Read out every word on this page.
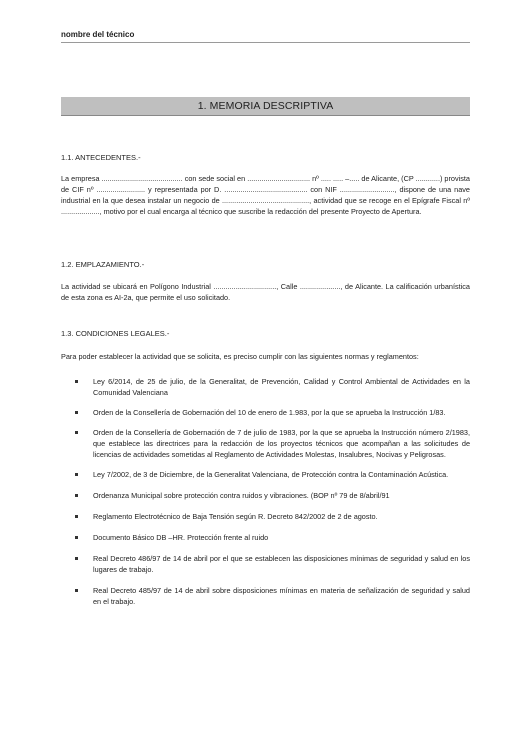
nombre del técnico
1. MEMORIA DESCRIPTIVA
1.1. ANTECEDENTES.-
La empresa ........................................ con sede social en ............................... nº ..... ..... –..... de Alicante, (CP ............) provista de CIF nº ........................ y representada por D. ......................................... con NIF ..........................., dispone de una nave industrial en la que desea instalar un negocio de ..........................................., actividad que se recoge en el Epígrafe Fiscal nº ..................., motivo por el cual encarga al técnico que suscribe la redacción del presente Proyecto de Apertura.
1.2. EMPLAZAMIENTO.-
La actividad se ubicará en Polígono Industrial ..............................., Calle ...................., de Alicante. La calificación urbanística de esta zona es AI-2a, que permite el uso solicitado.
1.3. CONDICIONES LEGALES.-
Para poder establecer la actividad que se solicita, es preciso cumplir con las siguientes normas y reglamentos:
Ley 6/2014, de 25 de julio, de la Generalitat, de Prevención, Calidad y Control Ambiental de Actividades en la Comunidad Valenciana
Orden de la Consellería de Gobernación del 10 de enero de 1.983, por la que se aprueba la Instrucción 1/83.
Orden de la Consellería de Gobernación de 7 de julio de 1983, por la que se aprueba la Instrucción número 2/1983, que establece las directrices para la redacción de los proyectos técnicos que acompañan a las solicitudes de licencias de actividades sometidas al Reglamento de Actividades Molestas, Insalubres, Nocivas y Peligrosas.
Ley 7/2002, de 3 de Diciembre, de la Generalitat Valenciana, de Protección contra la Contaminación Acústica.
Ordenanza Municipal sobre protección contra ruidos y vibraciones. (BOP nº 79 de 8/abril/91
Reglamento Electrotécnico de Baja Tensión según R. Decreto 842/2002 de 2 de agosto.
Documento Básico DB –HR. Protección frente al ruido
Real Decreto 486/97 de 14 de abril por el que se establecen las disposiciones mínimas de seguridad y salud en los lugares de trabajo.
Real Decreto 485/97 de 14 de abril sobre disposiciones mínimas en materia de señalización de seguridad y salud en el trabajo.
